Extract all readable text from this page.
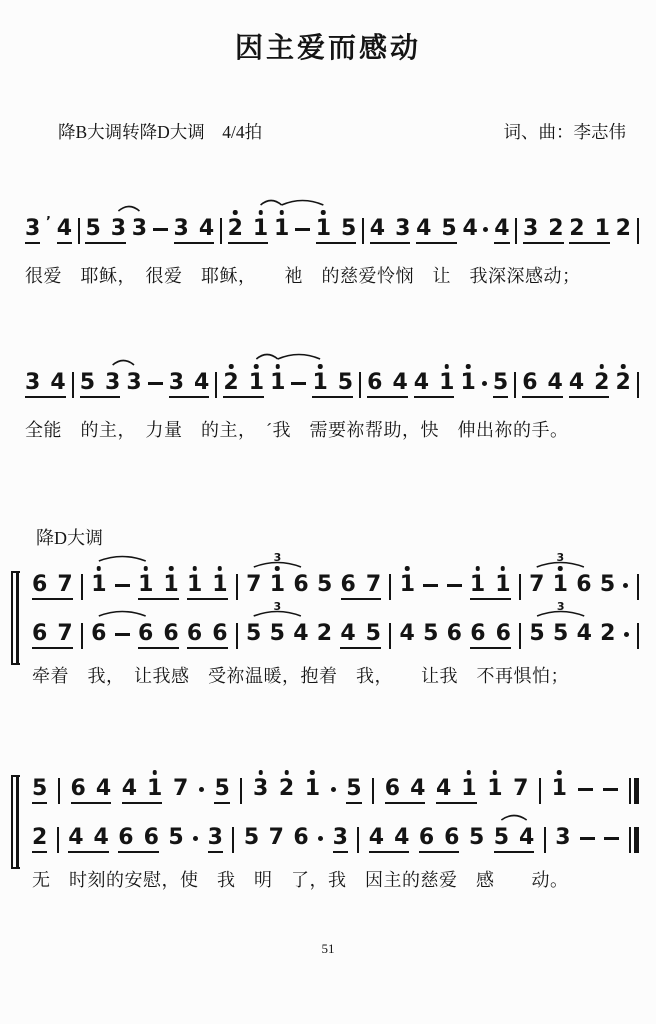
因主爱而感动
降B大调转降D大调　4/4拍	词、曲：李志伟
3 ’ 4 5 3 3 3 4 2 1 1 1 5 4 3 4 5 4 4 3 2 2 1 2
很爱　耶稣，　很爱　耶稣，　　祂　的慈爱怜悯　让　我深深感动；
3 4 5 3 3 3 4 2 1 1 1 5 6 4 4 1 1 5 6 4 4 2 2
全能　的主，　力量　的主，　ˊ我　需要祢帮助，快　伸出祢的手。
降D大调
6 7 1 1 1 1 1 7 1 6 5 6 7 1 1 1 7 1 6 5
3	3
6 7 6 6 6 6 6 5 5 4 2 4 5 4 5 6 6 6 5 5 4 2
3	3
牵着　我，　让我感　受祢温暖，抱着　我，　　让我　不再惧怕；
5 6 4 4 1 7 5 3 2 1 5 6 4 4 1 1 7 1
2 4 4 6 6 5 3 5 7 6 3 4 4 6 6 5 5 4 3
无　时刻的安慰，使　我　明　了，我　因主的慈爱　感　　动。
51
